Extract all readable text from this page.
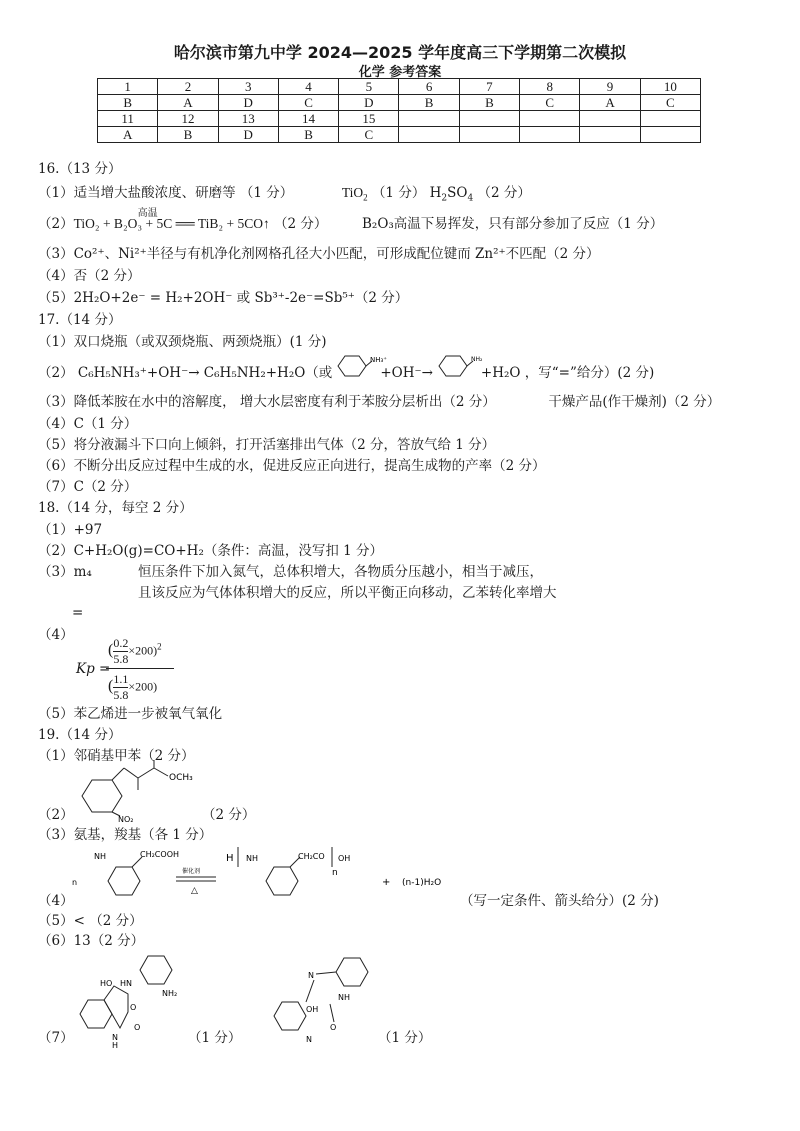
哈尔滨市第九中学 2024—2025 学年度高三下学期第二次模拟
化学 参考答案
1	2	3	4	5	6	7	8	9	10
B	A	D	C	D	B	B	C	A	C
11	12	13	14	15					
A	B	D	B	C					
16.（13 分）
（1）适当增大盐酸浓度、研磨等 （1 分）	TiO$_2$ （1 分） $H_2SO_4$ （2 分）
（2）
高温
TiO₂ + B₂O₃ + 5C ══ TiB₂ + 5CO↑ （2 分）	B₂O₃高温下易挥发，只有部分参加了反应（1 分）
（3）Co²⁺、Ni²⁺半径与有机净化剂网格孔径大小匹配，可形成配位键而 Zn²⁺不匹配（2 分）
（4）否（2 分）
（5）2H₂O+2e⁻ = H₂+2OH⁻ 或 Sb³⁺-2e⁻=Sb⁵⁺（2 分）
17.（14 分）
（1）双口烧瓶（或双颈烧瓶、两颈烧瓶）(1 分)
（2） C₆H₅NH₃⁺+OH⁻→ C₆H₅NH₂+H₂O（或
NH₃⁺
+OH⁻→
NH₂
+H₂O ，写“=”给分）(2 分)
（3）降低苯胺在水中的溶解度， 增大水层密度有利于苯胺分层析出（2 分）	干燥产品(作干燥剂)（2 分）
（4）C（1 分）
（5）将分液漏斗下口向上倾斜，打开活塞排出气体（2 分，答放气给 1 分）
（6）不断分出反应过程中生成的水，促进反应正向进行，提高生成物的产率（2 分）
（7）C（2 分）
18.（14 分，每空 2 分）
（1）+97
（2）C+H₂O(g)=CO+H₂（条件：高温，没写扣 1 分）
（3）m₄	恒压条件下加入氮气，总体积增大，各物质分压越小，相当于减压，
且该反应为气体体积增大的反应，所以平衡正向移动，乙苯转化率增大
=
（4）
Kp =
( $\frac{0.2}{5.8} \times 200)^2$
( $\frac{1.1}{5.8} \times 200$)
（5）苯乙烯进一步被氧气氧化
19.（14 分）
（1）邻硝基甲苯（2 分）
OCH₃
NO₂
（2）	（2 分）
（3）氨基，羧基（各 1 分）
n
NH	CH₂COOH
催化剂
△
H NH	CH₂CO
n
OH
+ (n-1)H₂O
（4）	（写一定条件、箭头给分）(2 分)
（5）< （2 分）
（6）13（2 分）
HO HN
NH₂
O
O
N
H
N
NH
OH
O
N
（7）	（1 分）	（1 分）
